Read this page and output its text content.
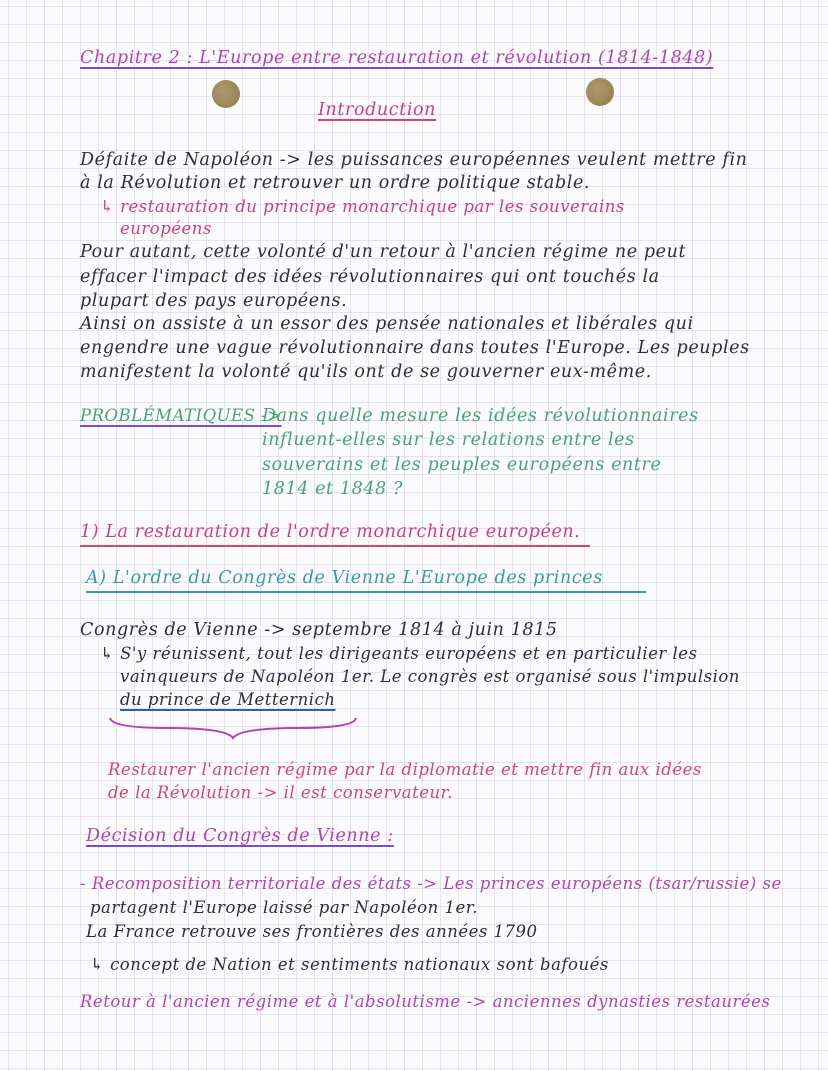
Chapitre 2 : L'Europe entre restauration et révolution (1814-1848)
Introduction
Défaite de Napoléon -> les puissances européennes veulent mettre fin
à la Révolution et retrouver un ordre politique stable.
↳ restauration du principe monarchique par les souverains
européens
Pour autant, cette volonté d'un retour à l'ancien régime ne peut
effacer l'impact des idées révolutionnaires qui ont touchés la
plupart des pays européens.
Ainsi on assiste à un essor des pensée nationales et libérales qui
engendre une vague révolutionnaire dans toutes l'Europe. Les peuples
manifestent la volonté qu'ils ont de se gouverner eux-même.
PROBLÉMATIQUES ->
Dans quelle mesure les idées révolutionnaires
influent-elles sur les relations entre les
souverains et les peuples européens entre
1814 et 1848 ?
1) La restauration de l'ordre monarchique européen.
A) L'ordre du Congrès de Vienne L'Europe des princes
Congrès de Vienne -> septembre 1814 à juin 1815
↳ S'y réunissent, tout les dirigeants européens et en particulier les
vainqueurs de Napoléon 1er. Le congrès est organisé sous l'impulsion
du prince de Metternich
Restaurer l'ancien régime par la diplomatie et mettre fin aux idées
de la Révolution -> il est conservateur.
Décision du Congrès de Vienne :
- Recomposition territoriale des états -> Les princes européens (tsar/russie) se
partagent l'Europe laissé par Napoléon 1er.
La France retrouve ses frontières des années 1790
↳ concept de Nation et sentiments nationaux sont bafoués
Retour à l'ancien régime et à l'absolutisme -> anciennes dynasties restaurées
